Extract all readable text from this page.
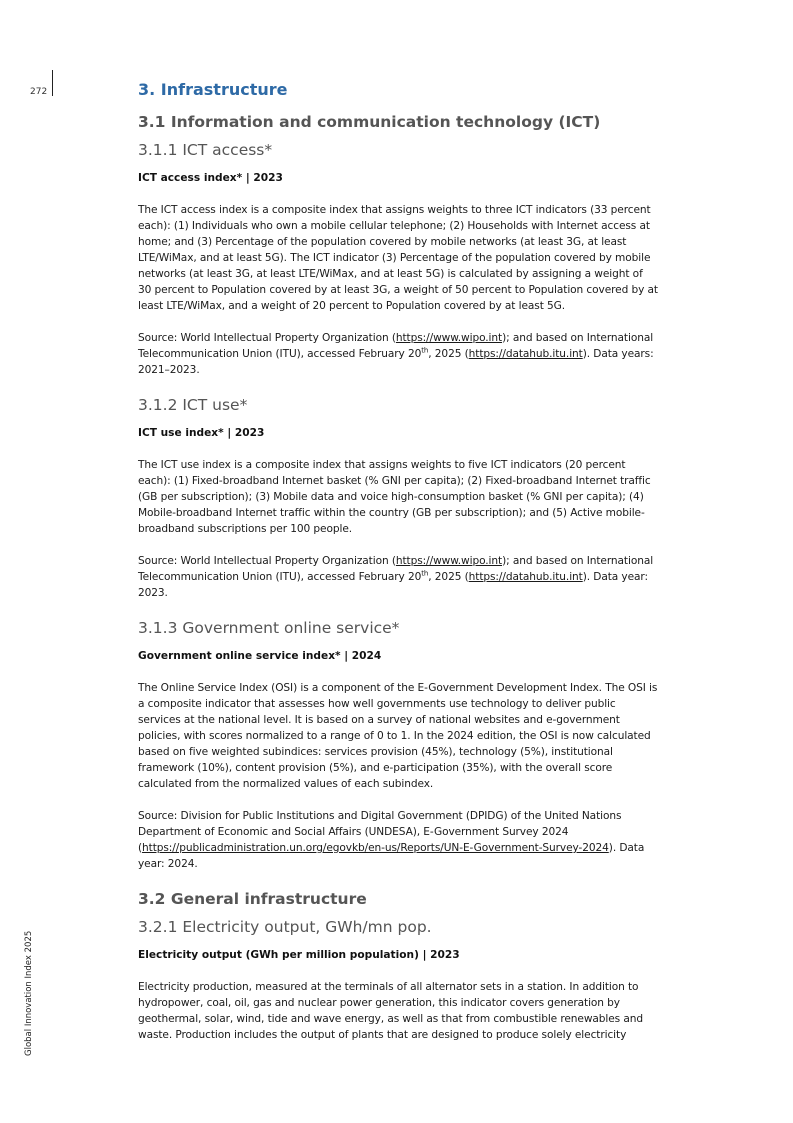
272
Global Innovation Index 2025
3. Infrastructure
3.1 Information and communication technology (ICT)
3.1.1 ICT access*
ICT access index* | 2023

The ICT access index is a composite index that assigns weights to three ICT indicators (33 percent each): (1) Individuals who own a mobile cellular telephone; (2) Households with Internet access at home; and (3) Percentage of the population covered by mobile networks (at least 3G, at least LTE/WiMax, and at least 5G). The ICT indicator (3) Percentage of the population covered by mobile networks (at least 3G, at least LTE/WiMax, and at least 5G) is calculated by assigning a weight of 30 percent to Population covered by at least 3G, a weight of 50 percent to Population covered by at least LTE/WiMax, and a weight of 20 percent to Population covered by at least 5G.

Source: World Intellectual Property Organization (https://www.wipo.int); and based on International Telecommunication Union (ITU), accessed February 20th, 2025 (https://datahub.itu.int). Data years: 2021–2023.

3.1.2 ICT use*
ICT use index* | 2023

The ICT use index is a composite index that assigns weights to five ICT indicators (20 percent each): (1) Fixed-broadband Internet basket (% GNI per capita); (2) Fixed-broadband Internet traffic (GB per subscription); (3) Mobile data and voice high-consumption basket (% GNI per capita); (4) Mobile-broadband Internet traffic within the country (GB per subscription); and (5) Active mobile-broadband subscriptions per 100 people.

Source: World Intellectual Property Organization (https://www.wipo.int); and based on International Telecommunication Union (ITU), accessed February 20th, 2025 (https://datahub.itu.int). Data year: 2023.

3.1.3 Government online service*
Government online service index* | 2024

The Online Service Index (OSI) is a component of the E-Government Development Index. The OSI is a composite indicator that assesses how well governments use technology to deliver public services at the national level. It is based on a survey of national websites and e-government policies, with scores normalized to a range of 0 to 1. In the 2024 edition, the OSI is now calculated based on five weighted subindices: services provision (45%), technology (5%), institutional framework (10%), content provision (5%), and e-participation (35%), with the overall score calculated from the normalized values of each subindex.

Source: Division for Public Institutions and Digital Government (DPIDG) of the United Nations Department of Economic and Social Affairs (UNDESA), E-Government Survey 2024 (https://publicadministration.un.org/egovkb/en-us/Reports/UN-E-Government-Survey-2024). Data year: 2024.

3.2 General infrastructure
3.2.1 Electricity output, GWh/mn pop.
Electricity output (GWh per million population) | 2023

Electricity production, measured at the terminals of all alternator sets in a station. In addition to hydropower, coal, oil, gas and nuclear power generation, this indicator covers generation by geothermal, solar, wind, tide and wave energy, as well as that from combustible renewables and waste. Production includes the output of plants that are designed to produce solely electricity
